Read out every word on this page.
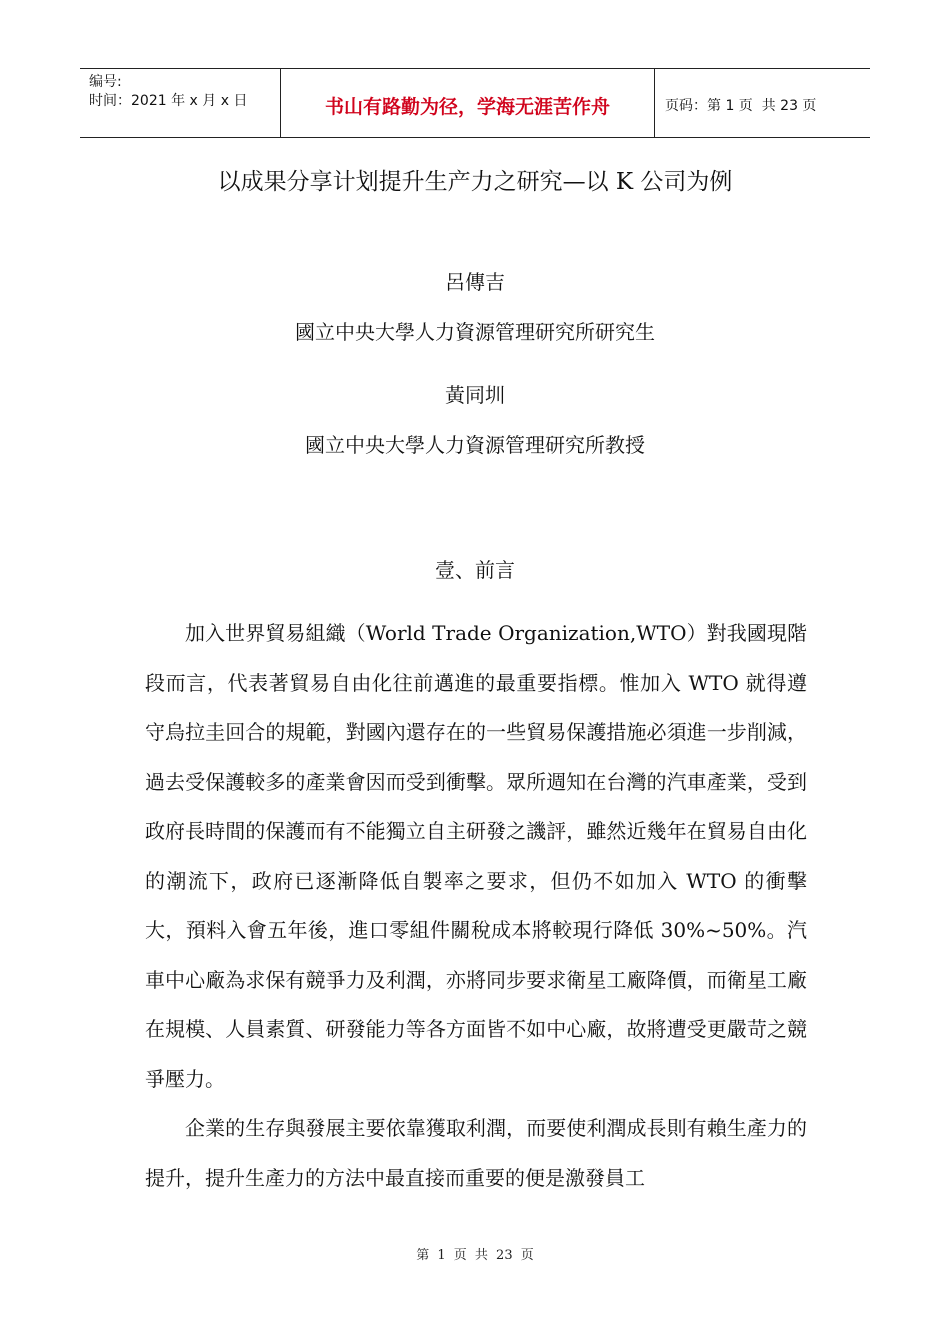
编号:
时间：2021 年 x 月 x 日	书山有路勤为径，学海无涯苦作舟	页码：第 1 页  共 23 页
以成果分享计划提升生产力之研究—以 K 公司为例
呂傳吉
國立中央大學人力資源管理研究所研究生
黃同圳
國立中央大學人力資源管理研究所教授
壹、前言

加入世界貿易組織（World Trade Organization,WTO）對我國現階段而言，代表著貿易自由化往前邁進的最重要指標。惟加入 WTO 就得遵守烏拉圭回合的規範，對國內還存在的一些貿易保護措施必須進一步削減，過去受保護較多的產業會因而受到衝擊。眾所週知在台灣的汽車產業，受到政府長時間的保護而有不能獨立自主研發之譏評，雖然近幾年在貿易自由化的潮流下，政府已逐漸降低自製率之要求，但仍不如加入 WTO 的衝擊大，預料入會五年後，進口零組件關稅成本將較現行降低 30%~50%。汽車中心廠為求保有競爭力及利潤，亦將同步要求衛星工廠降價，而衛星工廠在規模、人員素質、研發能力等各方面皆不如中心廠，故將遭受更嚴苛之競爭壓力。

企業的生存與發展主要依靠獲取利潤，而要使利潤成長則有賴生產力的提升，提升生產力的方法中最直接而重要的便是激發員工

第 1 页 共 23 页
